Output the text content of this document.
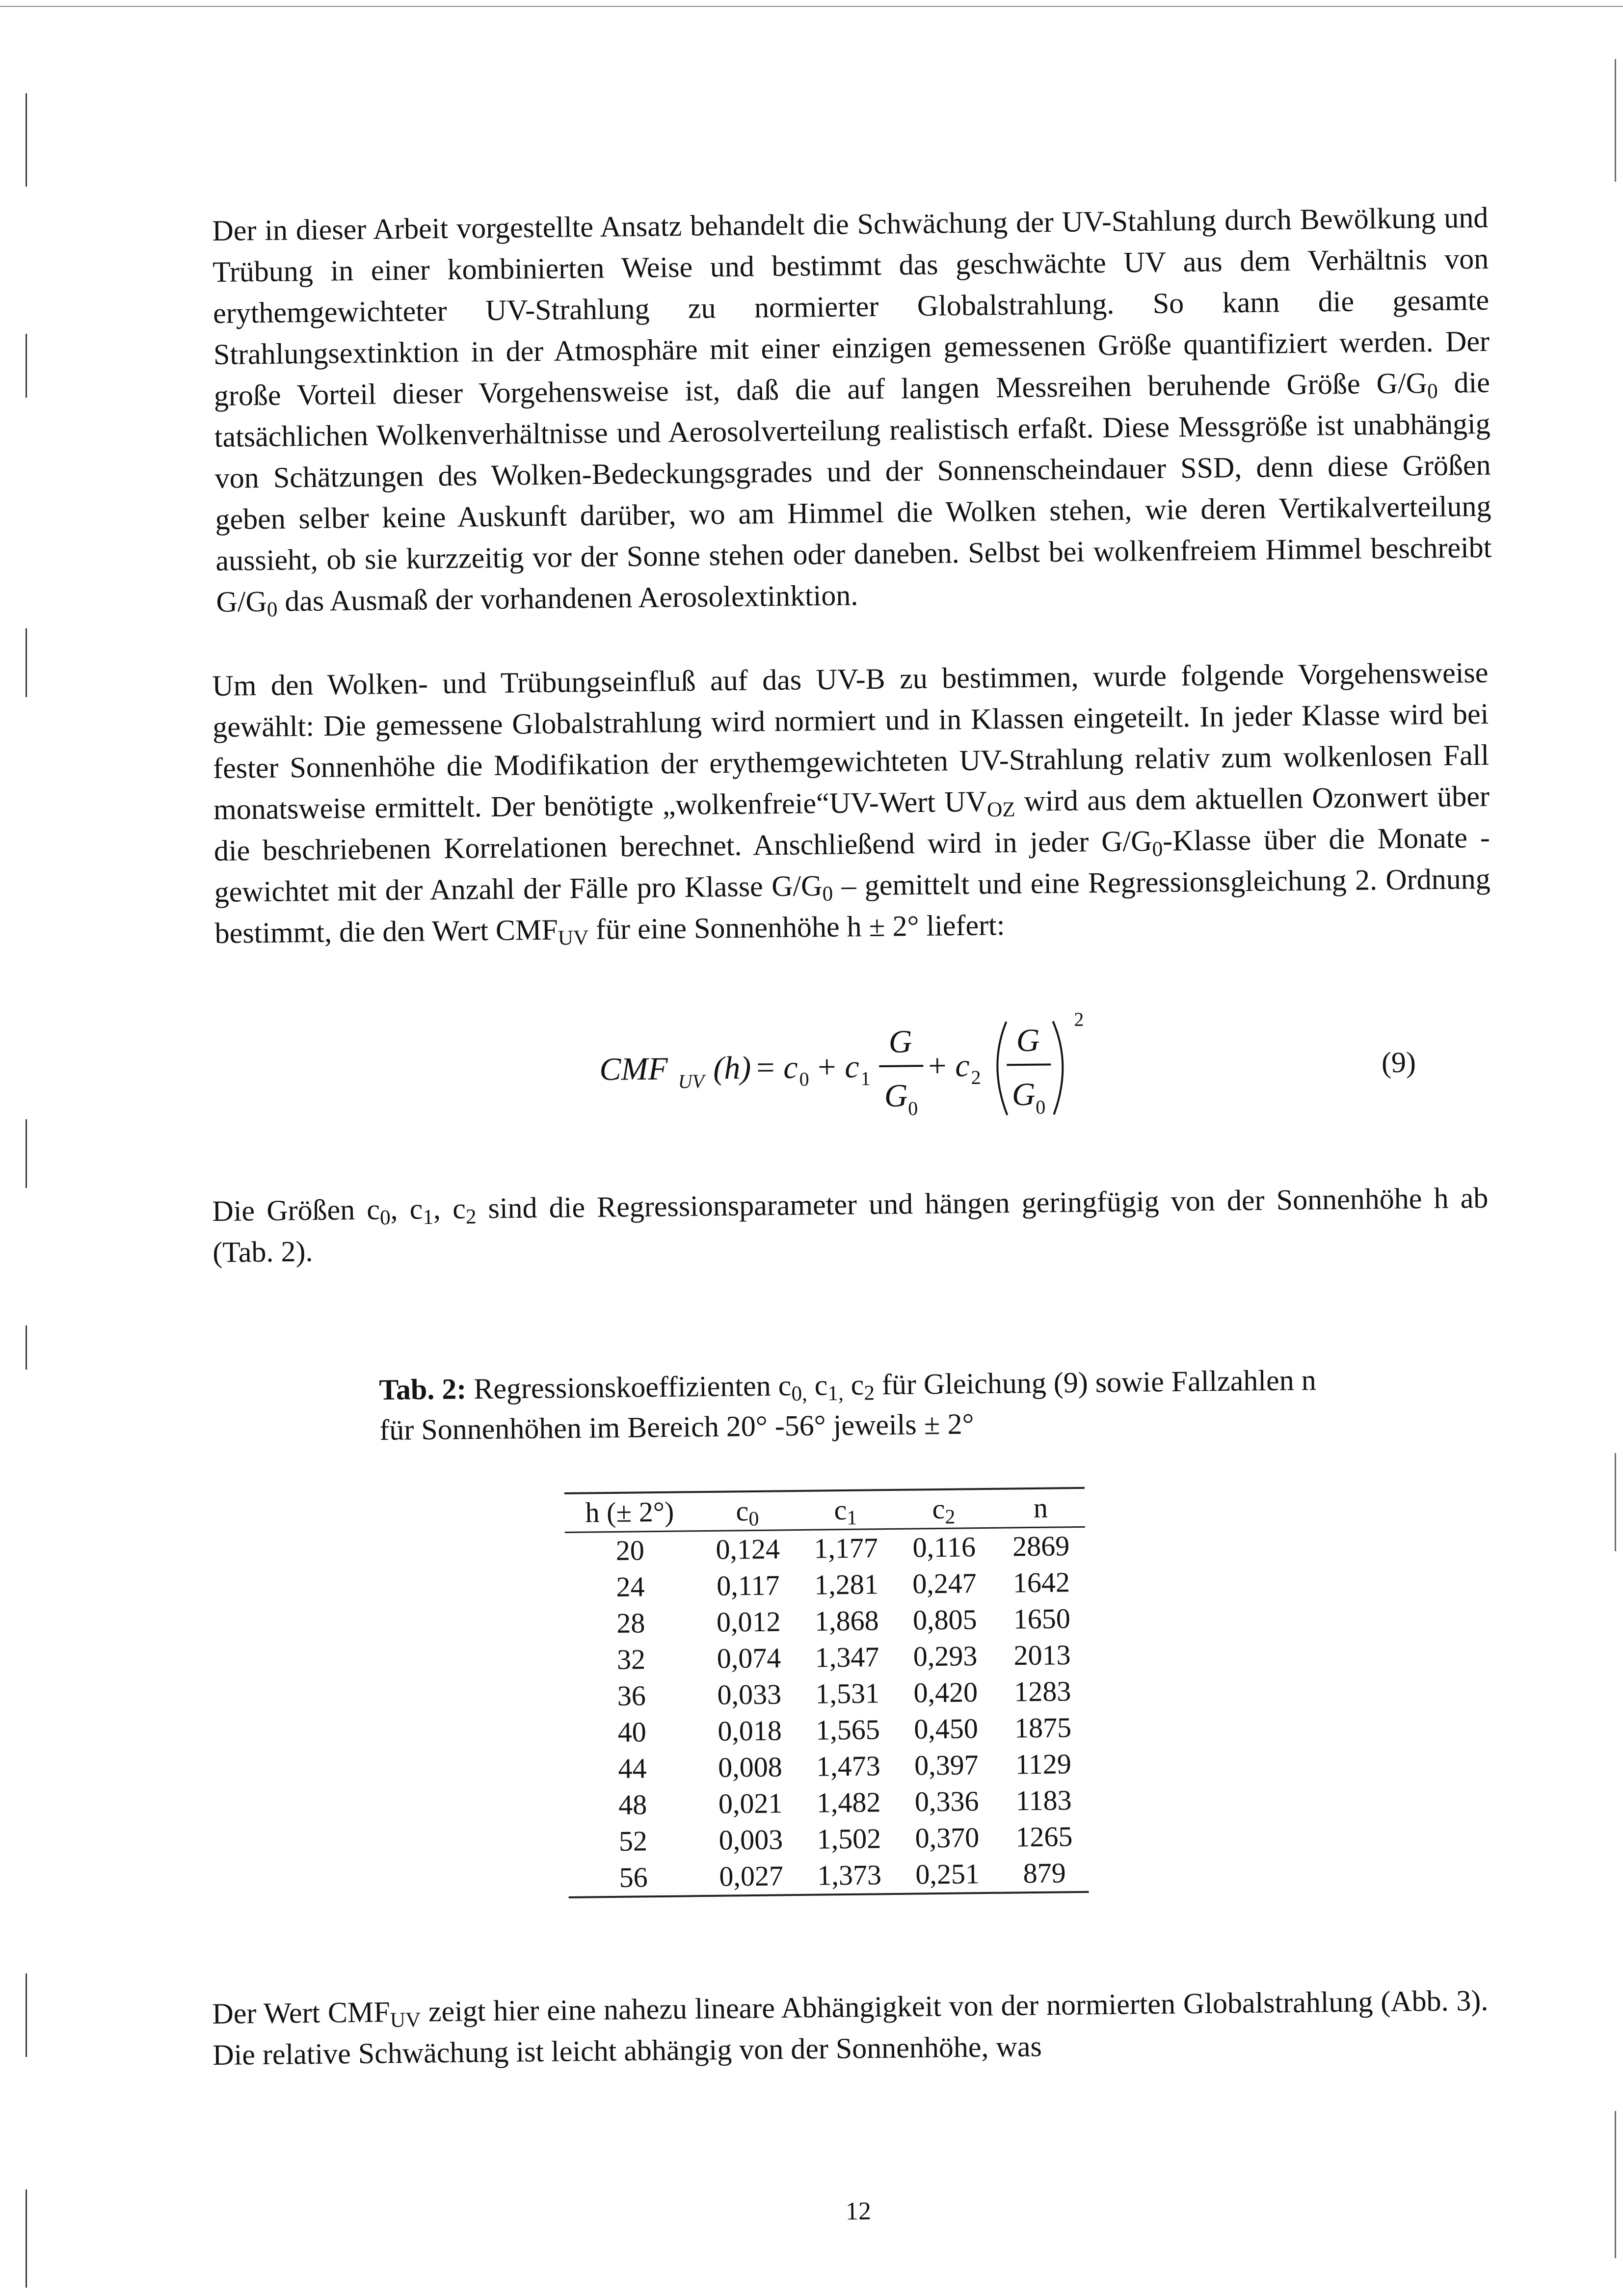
Der in dieser Arbeit vorgestellte Ansatz behandelt die Schwächung der UV-Stahlung durch Bewölkung und Trübung in einer kombinierten Weise und bestimmt das geschwächte UV aus dem Verhältnis von erythemgewichteter UV-Strahlung zu normierter Globalstrahlung. So kann die gesamte Strahlungsextinktion in der Atmosphäre mit einer einzigen gemessenen Größe quantifiziert werden. Der große Vorteil dieser Vorgehensweise ist, daß die auf langen Messreihen beruhende Größe $G/G_0$ die tatsächlichen Wolkenverhältnisse und Aerosolverteilung realistisch erfaßt. Diese Messgröße ist unabhängig von Schätzungen des Wolken-Bedeckungsgrades und der Sonnenscheindauer SSD, denn diese Größen geben selber keine Auskunft darüber, wo am Himmel die Wolken stehen, wie deren Vertikalverteilung aussieht, ob sie kurzzeitig vor der Sonne stehen oder daneben. Selbst bei wolkenfreiem Himmel beschreibt $G/G_0$ das Ausmaß der vorhandenen Aerosolextinktion.

Um den Wolken- und Trübungseinfluß auf das UV-B zu bestimmen, wurde folgende Vorgehensweise gewählt: Die gemessene Globalstrahlung wird normiert und in Klassen eingeteilt. In jeder Klasse wird bei fester Sonnenhöhe die Modifikation der erythemgewichteten UV-Strahlung relativ zum wolkenlosen Fall monatsweise ermittelt. Der benötigte „wolkenfreie“UV-Wert $UV_{OZ}$ wird aus dem aktuellen Ozonwert über die beschriebenen Korrelationen berechnet. Anschließend wird in jeder $G/G_0$-Klasse über die Monate - gewichtet mit der Anzahl der Fälle pro Klasse $G/G_0$ – gemittelt und eine Regressionsgleichung 2. Ordnung bestimmt, die den Wert $CMF_{UV}$ für eine Sonnenhöhe h ± 2° liefert:

CMF UV (h) = c 0 + c 1
G
G 0
+ c 2
G
G 0
2
(9)

Die Größen $c_0$, $c_1$, $c_2$ sind die Regressionsparameter und hängen geringfügig von der Sonnenhöhe h ab (Tab. 2).

Tab. 2: Regressionskoeffizienten $c_{0,}$ $c_{1,}$ $c_2$ für Gleichung (9) sowie Fallzahlen n für Sonnenhöhen im Bereich 20° -56° jeweils ± 2°

h (± 2°)	$c_0$	$c_1$	$c_2$	n
20	0,124	1,177	0,116	2869
24	0,117	1,281	0,247	1642
28	0,012	1,868	0,805	1650
32	0,074	1,347	0,293	2013
36	0,033	1,531	0,420	1283
40	0,018	1,565	0,450	1875
44	0,008	1,473	0,397	1129
48	0,021	1,482	0,336	1183
52	0,003	1,502	0,370	1265
56	0,027	1,373	0,251	879

Der Wert $CMF_{UV}$ zeigt hier eine nahezu lineare Abhängigkeit von der normierten Globalstrahlung (Abb. 3). Die relative Schwächung ist leicht abhängig von der Sonnenhöhe, was

12
